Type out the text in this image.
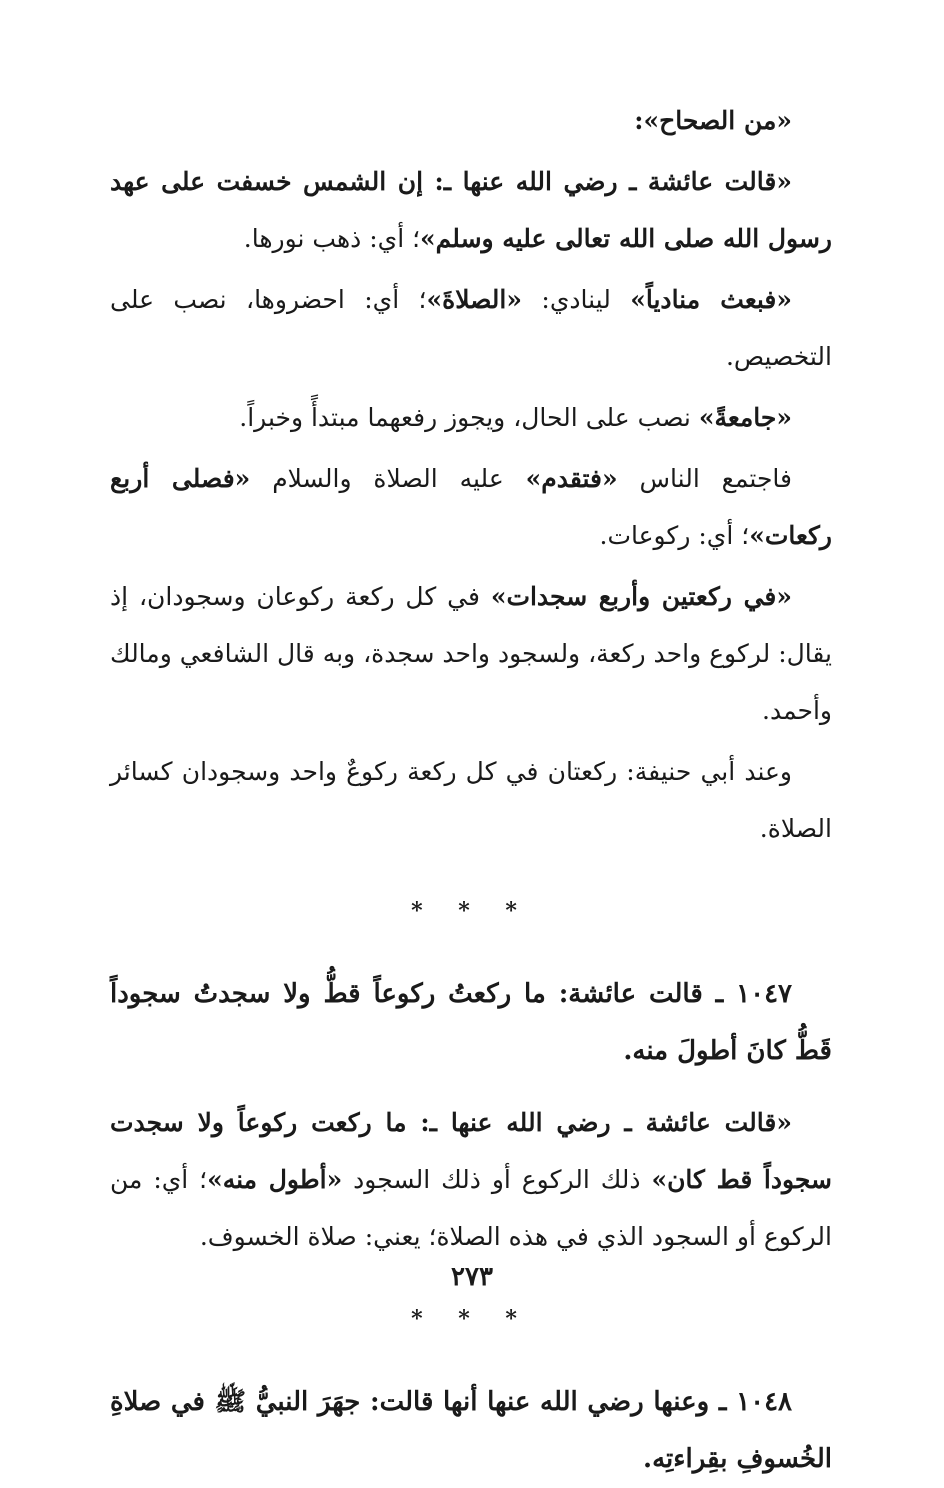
«من الصحاح»:

«قالت عائشة ـ رضي الله عنها ـ: إن الشمس خسفت على عهد رسول الله صلى الله تعالى عليه وسلم»؛ أي: ذهب نورها.

«فبعث منادياً» لينادي: «الصلاةَ»؛ أي: احضروها، نصب على التخصيص.

«جامعةً» نصب على الحال، ويجوز رفعهما مبتدأً وخبراً.

فاجتمع الناس «فتقدم» عليه الصلاة والسلام «فصلى أربع ركعات»؛ أي: ركوعات.

«في ركعتين وأربع سجدات» في كل ركعة ركوعان وسجودان، إذ يقال: لركوع واحد ركعة، ولسجود واحد سجدة، وبه قال الشافعي ومالك وأحمد.

وعند أبي حنيفة: ركعتان في كل ركعة ركوعٌ واحد وسجودان كسائر الصلاة.

* * *

١٠٤٧ ـ قالت عائشة: ما ركعتُ ركوعاً قطُّ ولا سجدتُ سجوداً قَطُّ كانَ أطولَ منه.

«قالت عائشة ـ رضي الله عنها ـ: ما ركعت ركوعاً ولا سجدت سجوداً قط كان» ذلك الركوع أو ذلك السجود «أطول منه»؛ أي: من الركوع أو السجود الذي في هذه الصلاة؛ يعني: صلاة الخسوف.

* * *

١٠٤٨ ـ وعنها رضي الله عنها أنها قالت: جهَرَ النبيُّ ﷺ في صلاةِ الخُسوفِ بقِراءتِه.

٢٧٣
